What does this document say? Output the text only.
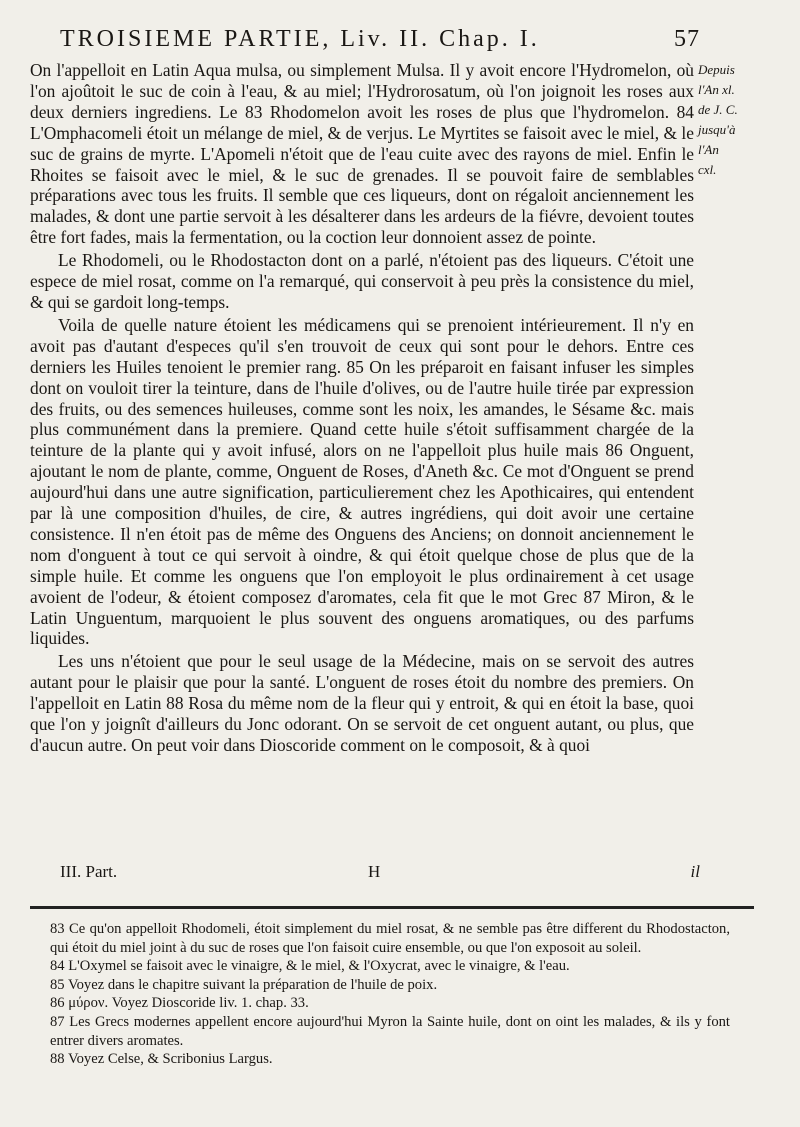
TROISIEME PARTIE, Liv. II. Chap. I.	57
Depuis
l'An xl.
de J. C.
jusqu'à
l'An
cxl.

On l'appelloit en Latin Aqua mulsa, ou simplement Mulsa. Il y avoit encore l'Hydromelon, où l'on ajoûtoit le suc de coin à l'eau, & au miel; l'Hydrorosatum, où l'on joignoit les roses aux deux derniers ingrediens. Le 83 Rhodomelon avoit les roses de plus que l'hydromelon. 84 L'Omphacomeli étoit un mélange de miel, & de verjus. Le Myrtites se faisoit avec le miel, & le suc de grains de myrte. L'Apomeli n'étoit que de l'eau cuite avec des rayons de miel. Enfin le Rhoites se faisoit avec le miel, & le suc de grenades. Il se pouvoit faire de semblables préparations avec tous les fruits. Il semble que ces liqueurs, dont on régaloit anciennement les malades, & dont une partie servoit à les désalterer dans les ardeurs de la fiévre, devoient toutes être fort fades, mais la fermentation, ou la coction leur donnoient assez de pointe.

Le Rhodomeli, ou le Rhodostacton dont on a parlé, n'étoient pas des liqueurs. C'étoit une espece de miel rosat, comme on l'a remarqué, qui conservoit à peu près la consistence du miel, & qui se gardoit long-temps.

Voila de quelle nature étoient les médicamens qui se prenoient intérieurement. Il n'y en avoit pas d'autant d'especes qu'il s'en trouvoit de ceux qui sont pour le dehors. Entre ces derniers les Huiles tenoient le premier rang. 85 On les préparoit en faisant infuser les simples dont on vouloit tirer la teinture, dans de l'huile d'olives, ou de l'autre huile tirée par expression des fruits, ou des semences huileuses, comme sont les noix, les amandes, le Sésame &c. mais plus communément dans la premiere. Quand cette huile s'étoit suffisamment chargée de la teinture de la plante qui y avoit infusé, alors on ne l'appelloit plus huile mais 86 Onguent, ajoutant le nom de plante, comme, Onguent de Roses, d'Aneth &c. Ce mot d'Onguent se prend aujourd'hui dans une autre signification, particulierement chez les Apothicaires, qui entendent par là une composition d'huiles, de cire, & autres ingrédiens, qui doit avoir une certaine consistence. Il n'en étoit pas de même des Onguens des Anciens; on donnoit anciennement le nom d'onguent à tout ce qui servoit à oindre, & qui étoit quelque chose de plus que de la simple huile. Et comme les onguens que l'on employoit le plus ordinairement à cet usage avoient de l'odeur, & étoient composez d'aromates, cela fit que le mot Grec 87 Miron, & le Latin Unguentum, marquoient le plus souvent des onguens aromatiques, ou des parfums liquides.

Les uns n'étoient que pour le seul usage de la Médecine, mais on se servoit des autres autant pour le plaisir que pour la santé. L'onguent de roses étoit du nombre des premiers. On l'appelloit en Latin 88 Rosa du même nom de la fleur qui y entroit, & qui en étoit la base, quoi que l'on y joignît d'ailleurs du Jonc odorant. On se servoit de cet onguent autant, ou plus, que d'aucun autre. On peut voir dans Dioscoride comment on le composoit, & à quoi

III. Part.	H	il

83 Ce qu'on appelloit Rhodomeli, étoit simplement du miel rosat, & ne semble pas être different du Rhodostacton, qui étoit du miel joint à du suc de roses que l'on faisoit cuire ensemble, ou que l'on exposoit au soleil.

84 L'Oxymel se faisoit avec le vinaigre, & le miel, & l'Oxycrat, avec le vinaigre, & l'eau.

85 Voyez dans le chapitre suivant la préparation de l'huile de poix.

86 μύρον. Voyez Dioscoride liv. 1. chap. 33.

87 Les Grecs modernes appellent encore aujourd'hui Myron la Sainte huile, dont on oint les malades, & ils y font entrer divers aromates.

88 Voyez Celse, & Scribonius Largus.
